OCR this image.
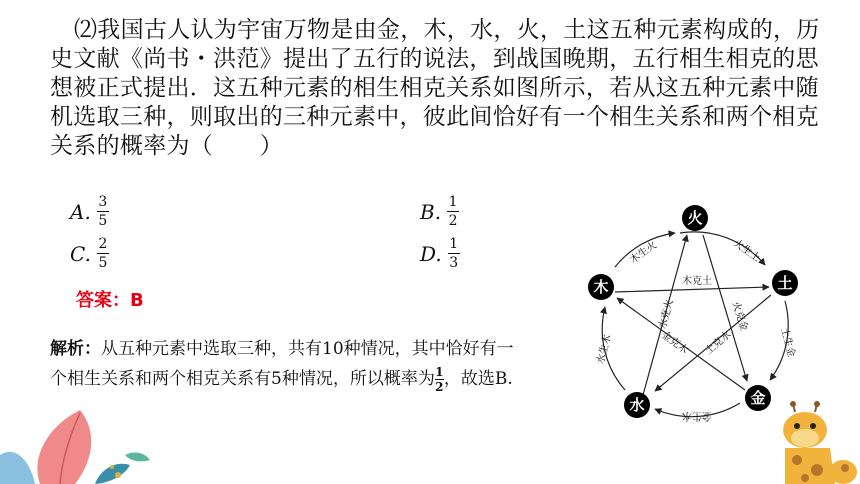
⑵我国古人认为宇宙万物是由金，木，水，火，土这五种元素构成的，历史文献《尚书・洪范》提出了五行的说法，到战国晚期，五行相生相克的思想被正式提出．这五种元素的相生相克关系如图所示，若从这五种元素中随机选取三种，则取出的三种元素中，彼此间恰好有一个相生关系和两个相克关系的概率为（　　）
A. $\frac{3}{5}$	B. $\frac{1}{2}$
C. $\frac{2}{5}$	D. $\frac{1}{3}$
答案：B
解析：从五种元素中选取三种，共有10种情况，其中恰好有一个相生关系和两个相克关系有5种情况，所以概率为 $\frac{1}{2}$ ，故选B.
火
土
金
水
木
木生火	火生土
土生金
金生水
水生木
木克土
火克金
土克水
金克木
水克火
